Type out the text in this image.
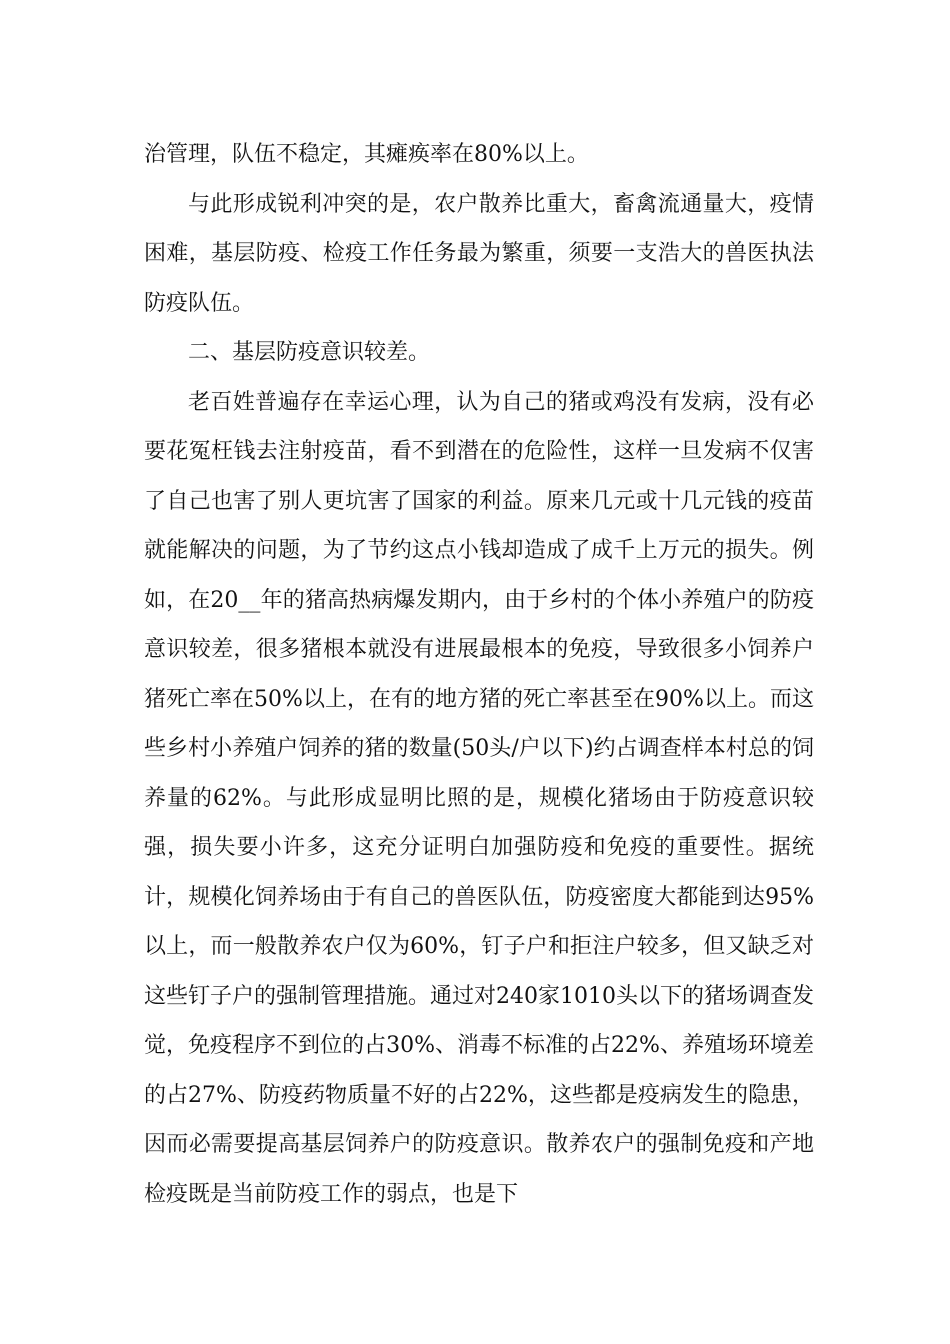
治管理，队伍不稳定，其瘫痪率在80%以上。

与此形成锐利冲突的是，农户散养比重大，畜禽流通量大，疫情困难，基层防疫、检疫工作任务最为繁重，须要一支浩大的兽医执法防疫队伍。

二、基层防疫意识较差。

老百姓普遍存在幸运心理，认为自己的猪或鸡没有发病，没有必要花冤枉钱去注射疫苗，看不到潜在的危险性，这样一旦发病不仅害了自己也害了别人更坑害了国家的利益。原来几元或十几元钱的疫苗就能解决的问题，为了节约这点小钱却造成了成千上万元的损失。例如，在20__年的猪高热病爆发期内，由于乡村的个体小养殖户的防疫意识较差，很多猪根本就没有进展最根本的免疫，导致很多小饲养户猪死亡率在50%以上，在有的地方猪的死亡率甚至在90%以上。而这些乡村小养殖户饲养的猪的数量(50头/户以下)约占调查样本村总的饲养量的62%。与此形成显明比照的是，规模化猪场由于防疫意识较强，损失要小许多，这充分证明白加强防疫和免疫的重要性。据统计，规模化饲养场由于有自己的兽医队伍，防疫密度大都能到达95%以上，而一般散养农户仅为60%，钉子户和拒注户较多，但又缺乏对这些钉子户的强制管理措施。通过对240家1010头以下的猪场调查发觉，免疫程序不到位的占30%、消毒不标准的占22%、养殖场环境差的占27%、防疫药物质量不好的占22%，这些都是疫病发生的隐患，因而必需要提高基层饲养户的防疫意识。散养农户的强制免疫和产地检疫既是当前防疫工作的弱点，也是下
